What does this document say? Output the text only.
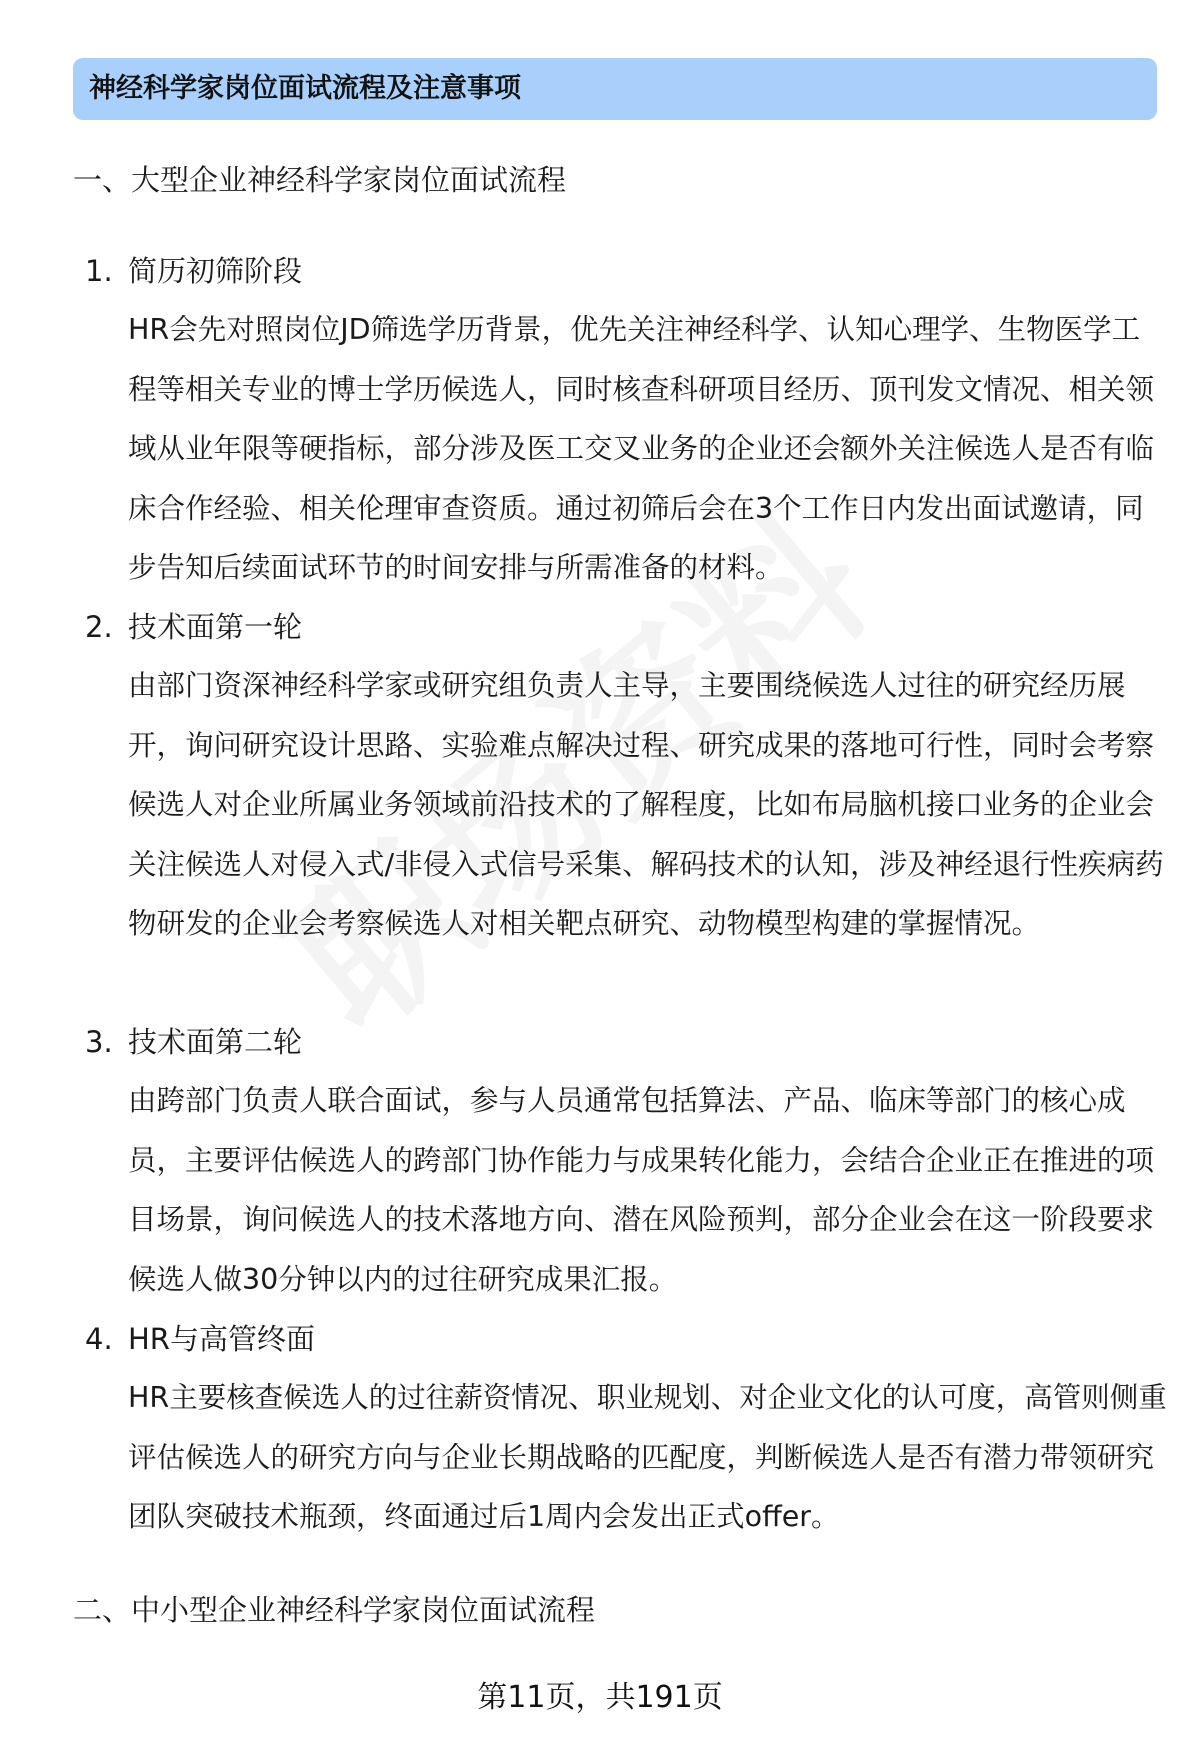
神经科学家岗位面试流程及注意事项
一、大型企业神经科学家岗位面试流程
1. 简历初筛阶段
HR会先对照岗位JD筛选学历背景，优先关注神经科学、认知心理学、生物医学工程等相关专业的博士学历候选人，同时核查科研项目经历、顶刊发文情况、相关领域从业年限等硬指标，部分涉及医工交叉业务的企业还会额外关注候选人是否有临床合作经验、相关伦理审查资质。通过初筛后会在3个工作日内发出面试邀请，同步告知后续面试环节的时间安排与所需准备的材料。
2. 技术面第一轮
由部门资深神经科学家或研究组负责人主导，主要围绕候选人过往的研究经历展开，询问研究设计思路、实验难点解决过程、研究成果的落地可行性，同时会考察候选人对企业所属业务领域前沿技术的了解程度，比如布局脑机接口业务的企业会关注候选人对侵入式/非侵入式信号采集、解码技术的认知，涉及神经退行性疾病药物研发的企业会考察候选人对相关靶点研究、动物模型构建的掌握情况。
3. 技术面第二轮
由跨部门负责人联合面试，参与人员通常包括算法、产品、临床等部门的核心成员，主要评估候选人的跨部门协作能力与成果转化能力，会结合企业正在推进的项目场景，询问候选人的技术落地方向、潜在风险预判，部分企业会在这一阶段要求候选人做30分钟以内的过往研究成果汇报。
4. HR与高管终面
HR主要核查候选人的过往薪资情况、职业规划、对企业文化的认可度，高管则侧重评估候选人的研究方向与企业长期战略的匹配度，判断候选人是否有潜力带领研究团队突破技术瓶颈，终面通过后1周内会发出正式offer。
二、中小型企业神经科学家岗位面试流程
第11页，共191页
